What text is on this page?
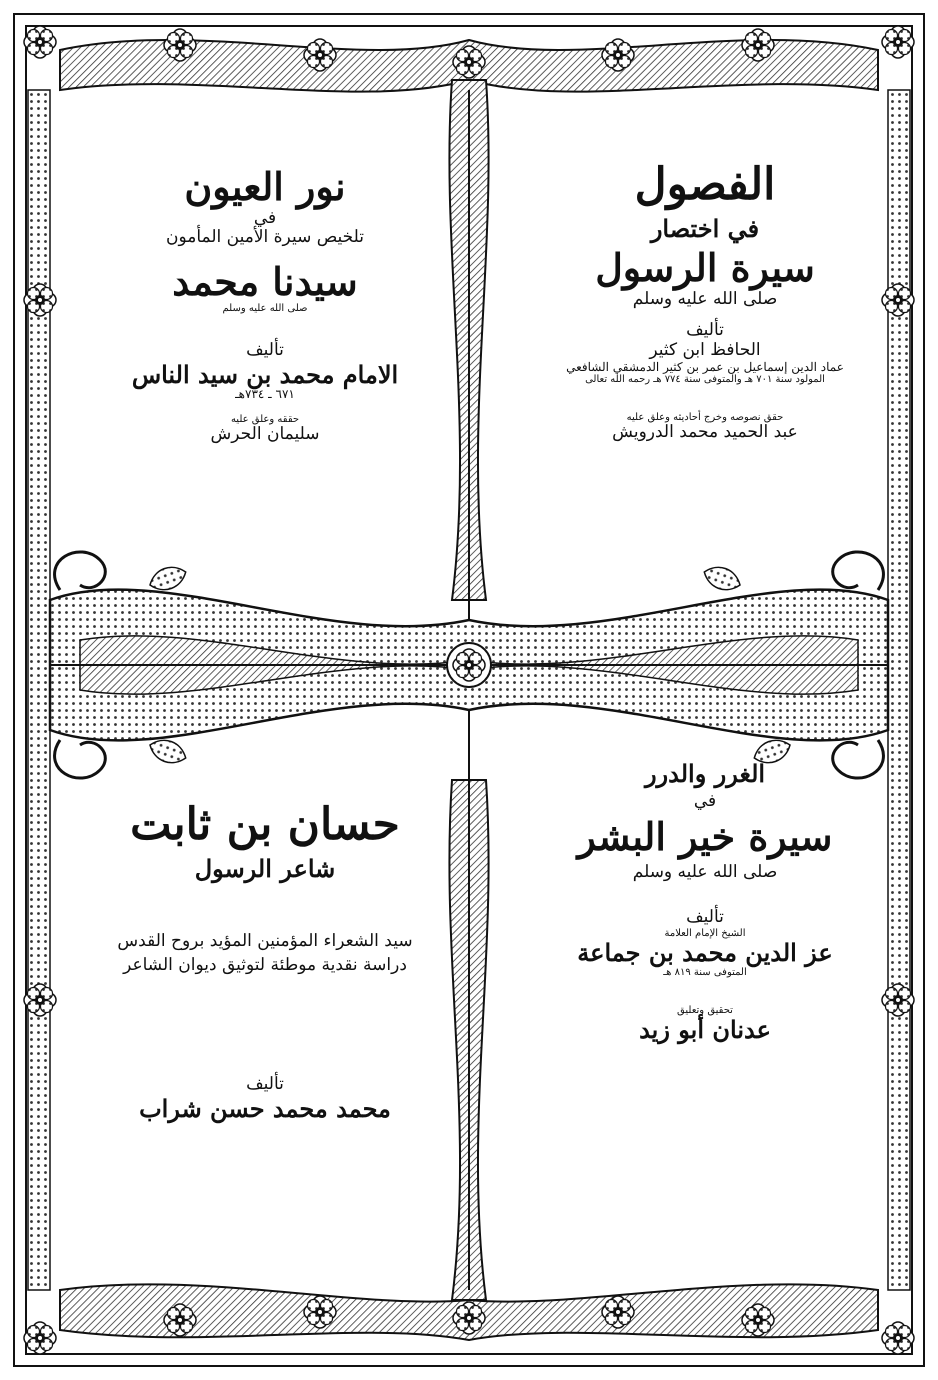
الفصول
في اختصار
سيرة الرسول
صلى الله عليه وسلم
تأليف
الحافظ ابن كثير
عماد الدين إسماعيل بن عمر بن كثير الدمشقي الشافعي
المولود سنة ٧٠١ هـ والمتوفى سنة ٧٧٤ هـ رحمه الله تعالى
حقق نصوصه وخرج أحاديثه وعلق عليه
عبد الحميد محمد الدرويش
نور العيون
في
تلخيص سيرة الأمين المأمون
سيدنا محمد
صلى الله عليه وسلم
تأليف
الامام محمد بن سيد الناس
٦٧١ ـ ٧٣٤هـ
حققه وعلق عليه
سليمان الحرش
الغرر والدرر
في
سيرة خير البشر
صلى الله عليه وسلم
تأليف
الشيخ الإمام العلامة
عز الدين محمد بن جماعة
المتوفى سنة ٨١٩ هـ
تحقيق وتعليق
عدنان أبو زيد
حسان بن ثابت
شاعر الرسول
سيد الشعراء المؤمنين المؤيد بروح القدس
دراسة نقدية موطئة لتوثيق ديوان الشاعر
تأليف
محمد محمد حسن شراب
